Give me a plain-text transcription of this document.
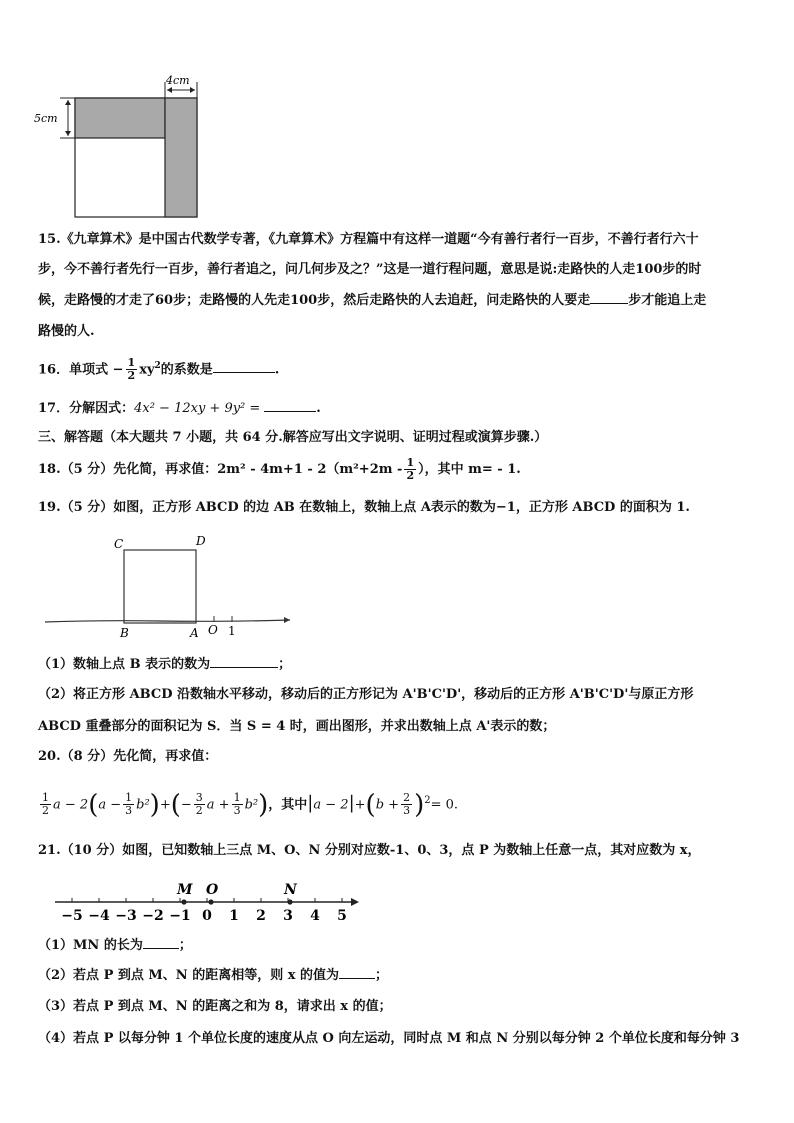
4cm
5cm
15.《九章算术》是中国古代数学专著，《九章算术》方程篇中有这样一道题“今有善行者行一百步，不善行者行六十
步，今不善行者先行一百步，善行者追之，问几何步及之？”这是一道行程问题，意思是说:走路快的人走100步的时
候，走路慢的才走了60步；走路慢的人先走100步，然后走路快的人去追赶，问走路快的人要走	步才能追上走
路慢的人.
16．单项式 − $\frac{1}{2} xy^2$的系数是	.
17．分解因式：4x² − 12xy + 9y² =	.
三、解答题（本大题共 7 小题，共 64 分.解答应写出文字说明、证明过程或演算步骤.）
18.（5 分）先化简，再求值：$2m^2 - 4m+1 - 2(m^2+2m - \frac{1}{2}$ ），其中 m= - 1.
19.（5 分）如图，正方形 ABCD 的边 AB 在数轴上，数轴上点 A表示的数为−1，正方形 ABCD 的面积为 1.
C	D
B	A O 1
（1）数轴上点 B 表示的数为	；
（2）将正方形 ABCD 沿数轴水平移动，移动后的正方形记为 A'B'C'D'，移动后的正方形 A'B'C'D'与原正方形
ABCD 重叠部分的面积记为 S．当 S = 4 时，画出图形，并求出数轴上点 A'表示的数；
20.（8 分）先化简，再求值：
$\frac{1}{2}$ $a - 2(a - \frac{1}{3} b^2)+(- \frac{3}{2}$ $a + \frac{1}{3} b^2$)，其中$|a - 2|+(b + \frac{2}{3} )^2= 0$.
21.（10 分）如图，已知数轴上三点 M、O、N 分别对应数-1、0、3，点 P 为数轴上任意一点，其对应数为 x，
−5 −4 −3 −2 −1 0 1 2 3 4 5
M O	N
（1）MN 的长为	；
（2）若点 P 到点 M、N 的距离相等，则 x 的值为	；
（3）若点 P 到点 M、N 的距离之和为 8，请求出 x 的值；
（4）若点 P 以每分钟 1 个单位长度的速度从点 O 向左运动，同时点 M 和点 N 分别以每分钟 2 个单位长度和每分钟 3
